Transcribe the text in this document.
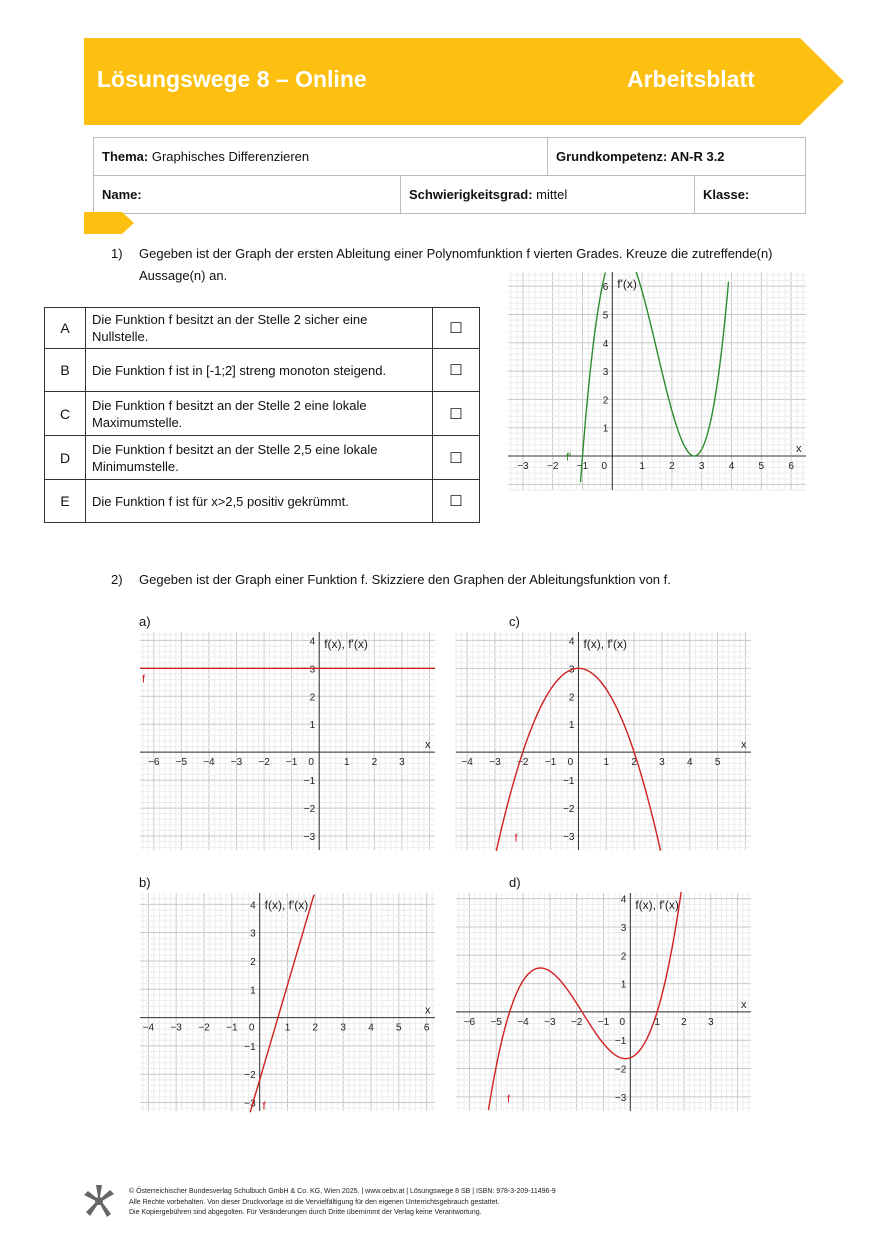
Lösungswege 8 – Online	Arbeitsblatt
Thema: Graphisches Differenzieren		Grundkompetenz: AN-R 3.2	
Name:	Schwierigkeitsgrad: mittel		Klasse:
1) Gegeben ist der Graph der ersten Ableitung einer Polynomfunktion f vierten Grades. Kreuze die zutreffende(n)
Aussage(n) an.
A	Die Funktion f besitzt an der Stelle 2 sicher eine Nullstelle.	☐
B	Die Funktion f ist in [-1;2] streng monoton steigend.	☐
C	Die Funktion f besitzt an der Stelle 2 eine lokale Maximumstelle.	☐
D	Die Funktion f besitzt an der Stelle 2,5 eine lokale Minimumstelle.	☐
E	Die Funktion f ist für x>2,5 positiv gekrümmt.	☐
−3 −2 −1 0	1 2 3 4 5 6
1
2
3
4
5
6
x
f'(x)
f'
2) Gegeben ist der Graph einer Funktion f. Skizziere den Graphen der Ableitungsfunktion von f.
a)	c)
b)	d)
−6 −5 −4 −3 −2 −1 0	1 2 3
−3
−2
−1
1
2
3
4
x
f(x), f'(x)
f
−4 −3 −2 −1 0	1 2 3 4 5
−3
−2
−1
1
2
3
4
x
f(x), f'(x)
f
−4 −3 −2 −1 0	1 2 3 4 5 6
−3
−2
−1
1
2
3
4
x
f(x), f'(x)
f
−6 −5 −4 −3 −2 −1 0	1 2 3
−3
−2
−1
1
2
3
4
x
f(x), f'(x)
f
© Österreichischer Bundesverlag Schulbuch GmbH & Co. KG, Wien 2025. | www.oebv.at | Lösungswege 8 SB | ISBN: 978-3-209-11496-9
Alle Rechte vorbehalten. Von dieser Druckvorlage ist die Vervielfältigung für den eigenen Unterrichtsgebrauch gestattet.
Die Kopiergebühren sind abgegolten. Für Veränderungen durch Dritte übernimmt der Verlag keine Verantwortung.
